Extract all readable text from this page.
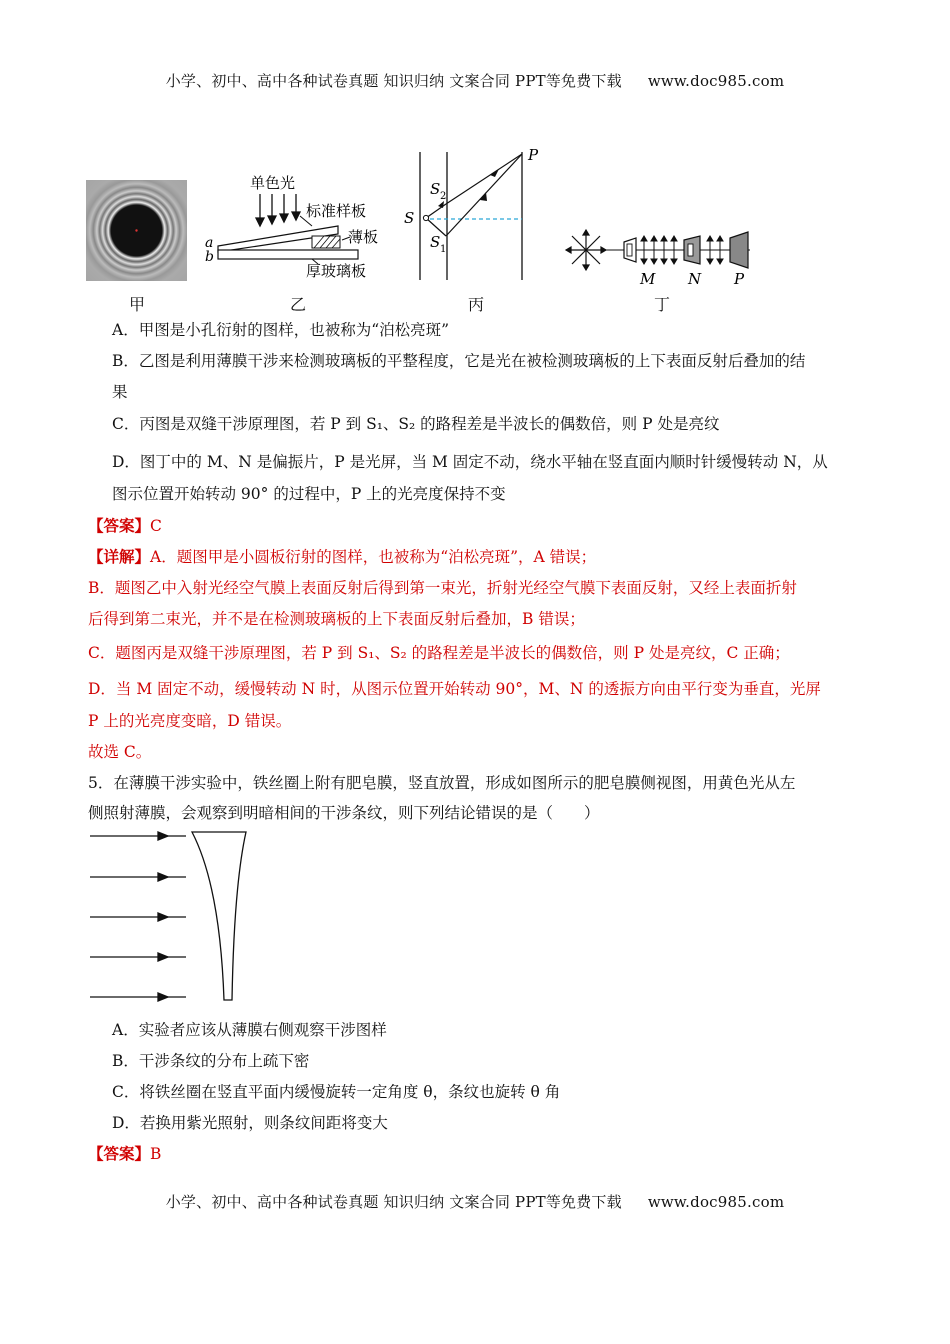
小学、初中、高中各种试卷真题 知识归纳 文案合同 PPT等免费下载 www.doc985.com
单色光
标准样板
薄板
厚玻璃板
a
b
P
S
S 2
S 1
M N P
甲	乙	丙	丁
A．甲图是小孔衍射的图样，也被称为“泊松亮斑”
B．乙图是利用薄膜干涉来检测玻璃板的平整程度，它是光在被检测玻璃板的上下表面反射后叠加的结
果
C．丙图是双缝干涉原理图，若 P 到 S₁、S₂ 的路程差是半波长的偶数倍，则 P 处是亮纹
D．图丁中的 M、N 是偏振片，P 是光屏，当 M 固定不动，绕水平轴在竖直面内顺时针缓慢转动 N，从
图示位置开始转动 90° 的过程中，P 上的光亮度保持不变
【答案】C
【详解】A．题图甲是小圆板衍射的图样，也被称为“泊松亮斑”，A 错误；
B．题图乙中入射光经空气膜上表面反射后得到第一束光，折射光经空气膜下表面反射，又经上表面折射
后得到第二束光，并不是在检测玻璃板的上下表面反射后叠加，B 错误；
C．题图丙是双缝干涉原理图，若 P 到 S₁、S₂ 的路程差是半波长的偶数倍，则 P 处是亮纹，C 正确；
D．当 M 固定不动，缓慢转动 N 时，从图示位置开始转动 90°，M、N 的透振方向由平行变为垂直，光屏
P 上的光亮度变暗，D 错误。
故选 C。
5．在薄膜干涉实验中，铁丝圈上附有肥皂膜，竖直放置，形成如图所示的肥皂膜侧视图，用黄色光从左
侧照射薄膜，会观察到明暗相间的干涉条纹，则下列结论错误的是（　　）
A．实验者应该从薄膜右侧观察干涉图样
B．干涉条纹的分布上疏下密
C．将铁丝圈在竖直平面内缓慢旋转一定角度 θ，条纹也旋转 θ 角
D．若换用紫光照射，则条纹间距将变大
【答案】B
小学、初中、高中各种试卷真题 知识归纳 文案合同 PPT等免费下载 www.doc985.com
